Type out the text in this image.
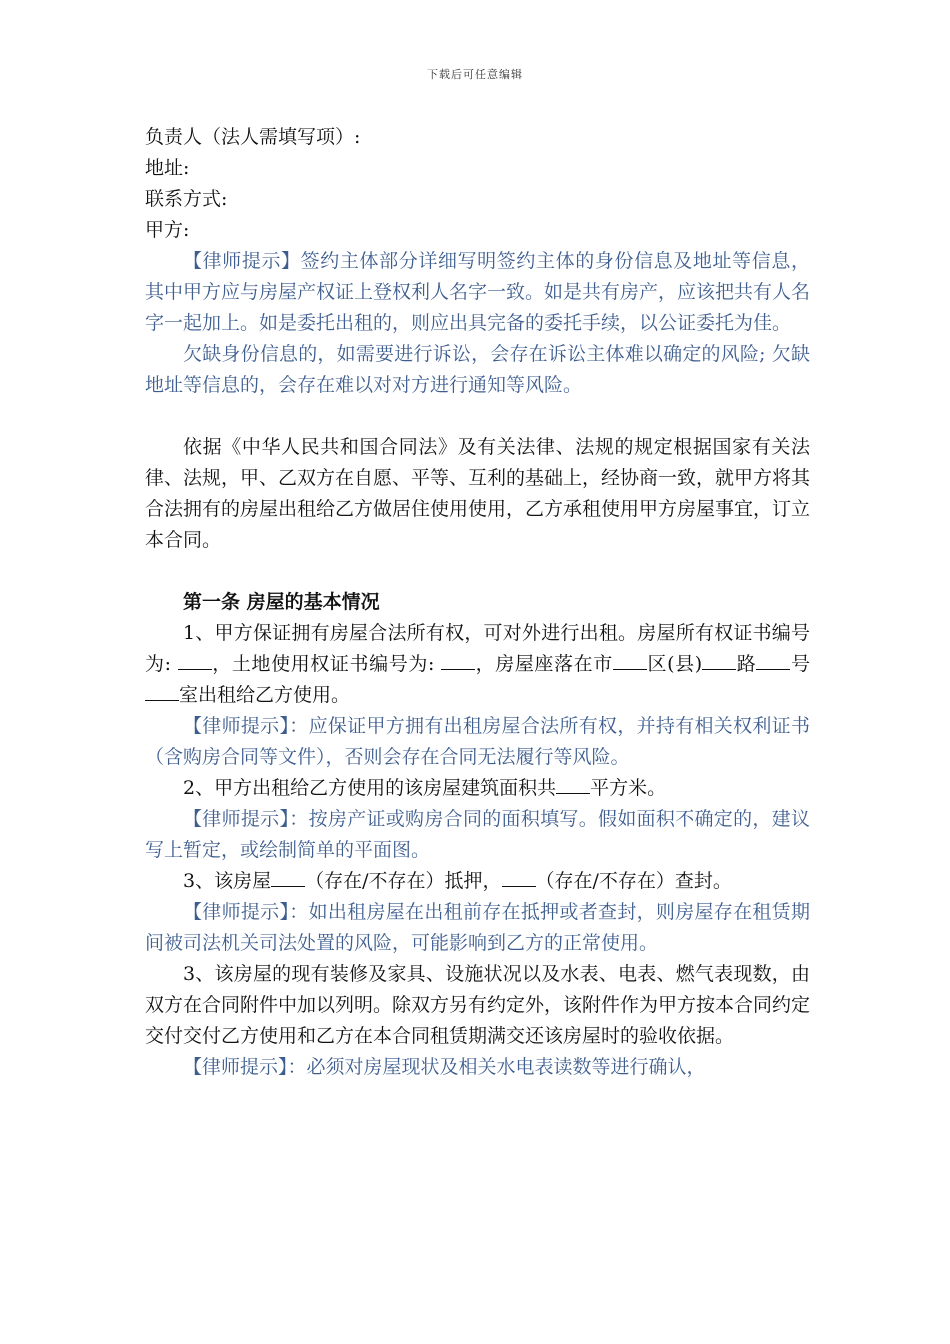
下载后可任意编辑

负责人（法人需填写项）:

地址:

联系方式:

甲方:

【律师提示】签约主体部分详细写明签约主体的身份信息及地址等信息，其中甲方应与房屋产权证上登权利人名字一致。如是共有房产，应该把共有人名字一起加上。如是委托出租的，则应出具完备的委托手续，以公证委托为佳。

欠缺身份信息的，如需要进行诉讼，会存在诉讼主体难以确定的风险; 欠缺地址等信息的，会存在难以对对方进行通知等风险。

依据《中华人民共和国合同法》及有关法律、法规的规定根据国家有关法律、法规，甲、乙双方在自愿、平等、互利的基础上，经协商一致，就甲方将其合法拥有的房屋出租给乙方做居住使用使用，乙方承租使用甲方房屋事宜，订立本合同。

第一条 房屋的基本情况

1、甲方保证拥有房屋合法所有权，可对外进行出租。房屋所有权证书编号为: ，土地使用权证书编号为: ，房屋座落在市 区(县) 路 号室出租给乙方使用。

【律师提示】：应保证甲方拥有出租房屋合法所有权，并持有相关权利证书（含购房合同等文件），否则会存在合同无法履行等风险。

2、甲方出租给乙方使用的该房屋建筑面积共 平方米。

【律师提示】：按房产证或购房合同的面积填写。假如面积不确定的，建议写上暂定，或绘制简单的平面图。

3、该房屋 （存在/不存在）抵押， （存在/不存在）查封。

【律师提示】：如出租房屋在出租前存在抵押或者查封，则房屋存在租赁期间被司法机关司法处置的风险，可能影响到乙方的正常使用。

3、该房屋的现有装修及家具、设施状况以及水表、电表、燃气表现数，由双方在合同附件中加以列明。除双方另有约定外，该附件作为甲方按本合同约定交付交付乙方使用和乙方在本合同租赁期满交还该房屋时的验收依据。

【律师提示】：必须对房屋现状及相关水电表读数等进行确认，
